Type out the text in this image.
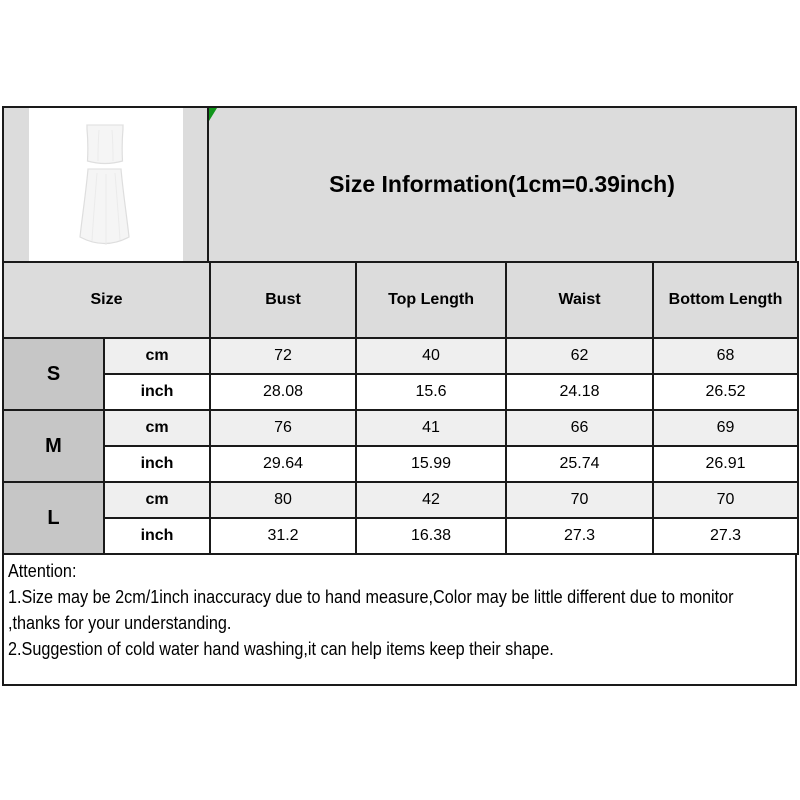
Size Information(1cm=0.39inch)
Size		Bust	Top Length	Waist	Bottom Length
S	cm	72	40	62	68
	inch	28.08	15.6	24.18	26.52
M	cm	76	41	66	69
	inch	29.64	15.99	25.74	26.91
L	cm	80	42	70	70
	inch	31.2	16.38	27.3	27.3
Attention:
1.Size may be 2cm/1inch inaccuracy due to hand measure,Color may be little different due to monitor
,thanks for your understanding.
2.Suggestion of cold water hand washing,it can help items keep their shape.
